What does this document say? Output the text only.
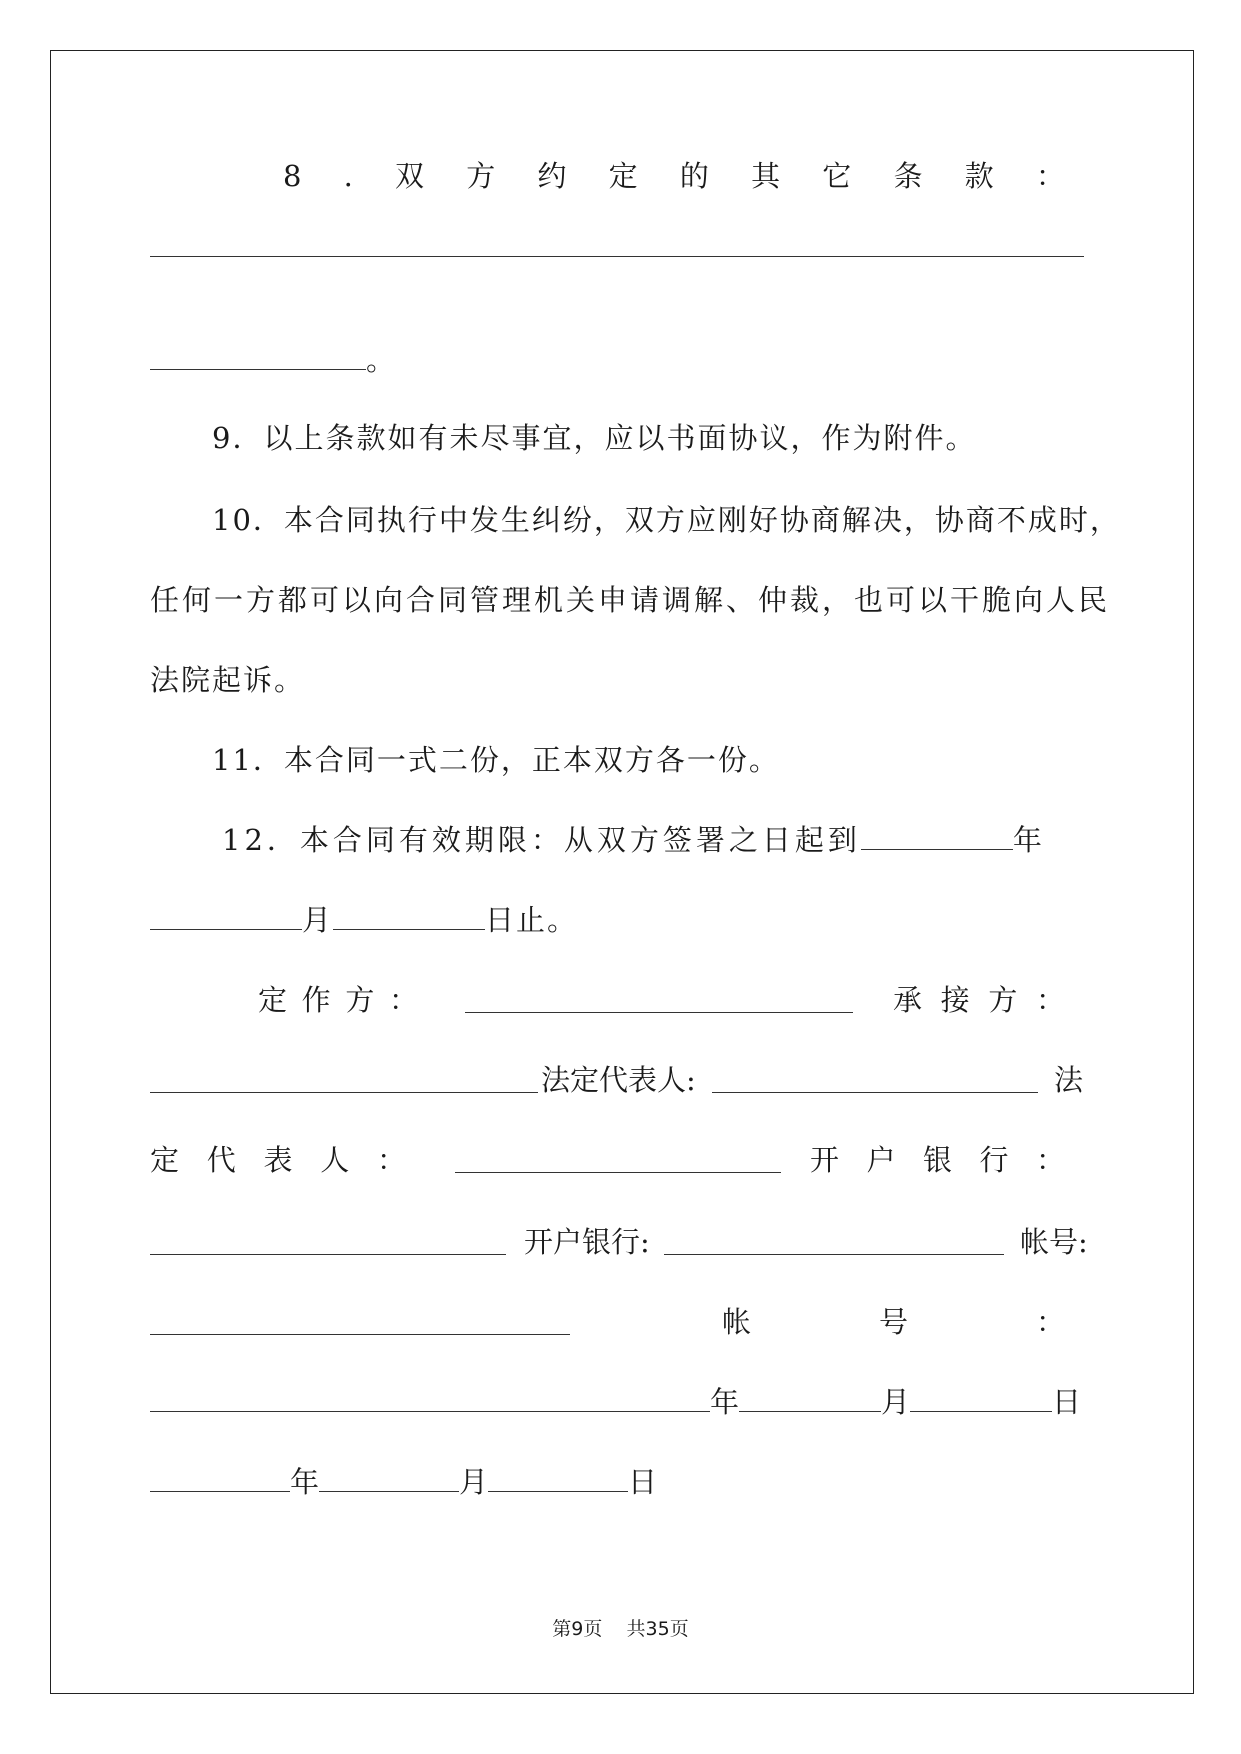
8 . 双 方 约 定 的 其 它 条 款 ：
。
9．以上条款如有未尽事宜，应以书面协议，作为附件。
10．本合同执行中发生纠纷，双方应刚好协商解决，协商不成时，
任何一方都可以向合同管理机关申请调解、仲裁，也可以干脆向人民
法院起诉。
11．本合同一式二份，正本双方各一份。
12．本合同有效期限：从双方签署之日起到	年
月	日止。
定 作 方 ：	承 接 方 ：
法定代表人:	法
定 代 表 人 ：	开 户 银 行 ：
开户银行:	帐号:
帐	号	：
年	月	日
年	月	日
第9页 共35页
